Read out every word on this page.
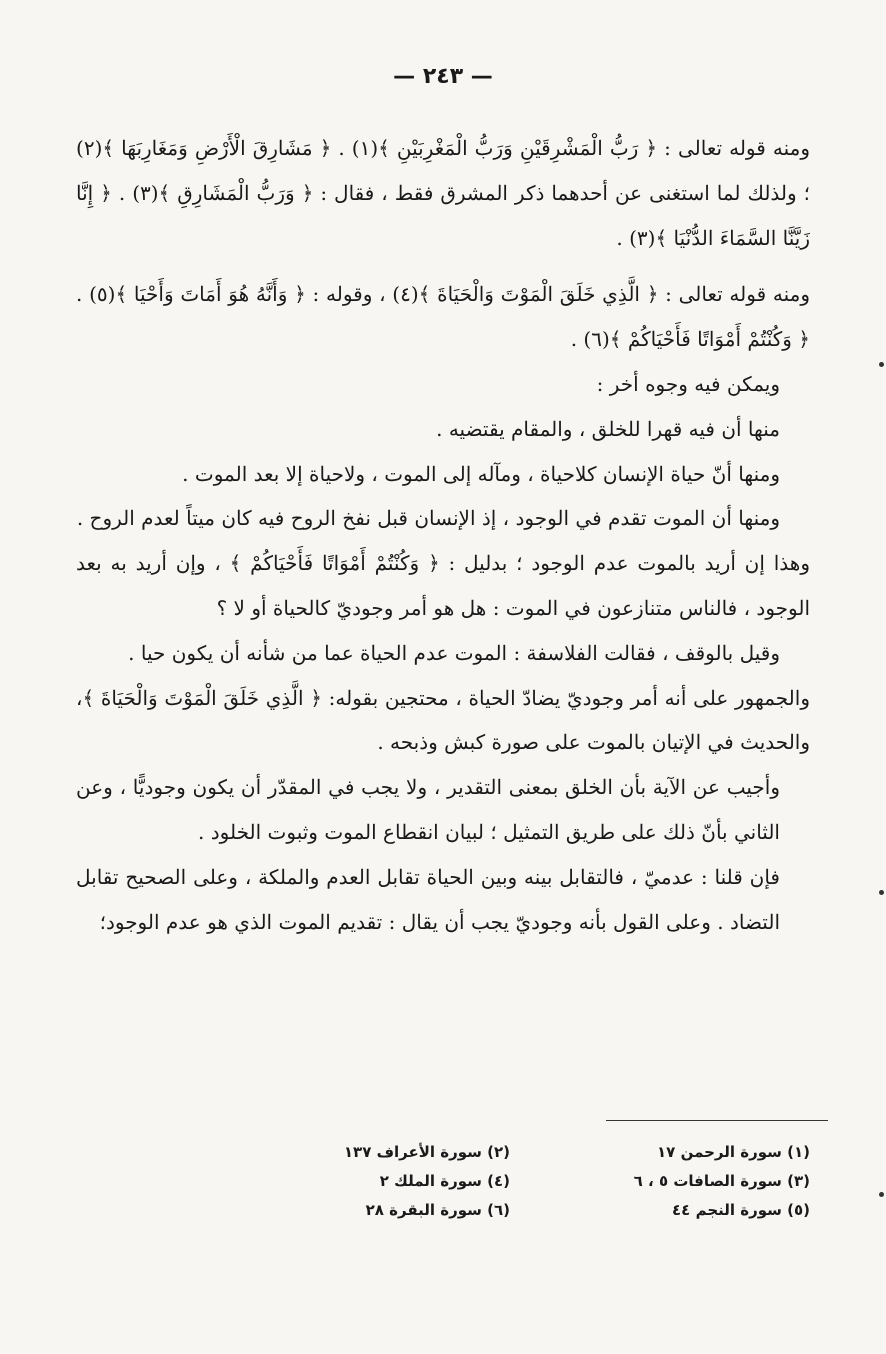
— ٢٤٣ —

ومنه قوله تعالى : ﴿ رَبُّ الْمَشْرِقَيْنِ وَرَبُّ الْمَغْرِبَيْنِ ﴾(١) . ﴿ مَشَارِقَ الْأَرْضِ وَمَغَارِبَهَا ﴾(٢) ؛ ولذلك لما استغنى عن أحدهما ذكر المشرق فقط ، فقال : ﴿ وَرَبُّ الْمَشَارِقِ ﴾(٣) . ﴿ إِنَّا زَيَّنَّا السَّمَاءَ الدُّنْيَا ﴾(٣) .

ومنه قوله تعالى : ﴿ الَّذِي خَلَقَ الْمَوْتَ وَالْحَيَاةَ ﴾(٤) ، وقوله : ﴿ وَأَنَّهُ هُوَ أَمَاتَ وَأَحْيَا ﴾(٥) . ﴿ وَكُنْتُمْ أَمْوَاتًا فَأَحْيَاكُمْ ﴾(٦) .

ويمكن فيه وجوه أخر :

منها أن فيه قهرا للخلق ، والمقام يقتضيه .

ومنها أنّ حياة الإنسان كلاحياة ، ومآله إلى الموت ، ولاحياة إلا بعد الموت .

ومنها أن الموت تقدم في الوجود ، إذ الإنسان قبل نفخ الروح فيه كان ميتاً لعدم الروح .

وهذا إن أريد بالموت عدم الوجود ؛ بدليل : ﴿ وَكُنْتُمْ أَمْوَاتًا فَأَحْيَاكُمْ ﴾ ، وإن أريد به بعد الوجود ، فالناس متنازعون في الموت : هل هو أمر وجوديّ كالحياة أو لا ؟

وقيل بالوقف ، فقالت الفلاسفة : الموت عدم الحياة عما من شأنه أن يكون حيا .

والجمهور على أنه أمر وجوديّ يضادّ الحياة ، محتجين بقوله: ﴿ الَّذِي خَلَقَ الْمَوْتَ وَالْحَيَاةَ ﴾، والحديث في الإتيان بالموت على صورة كبش وذبحه .

وأجيب عن الآية بأن الخلق بمعنى التقدير ، ولا يجب في المقدّر أن يكون وجوديًّا ، وعن الثاني بأنّ ذلك على طريق التمثيل ؛ لبيان انقطاع الموت وثبوت الخلود .

فإن قلنا : عدميّ ، فالتقابل بينه وبين الحياة تقابل العدم والملكة ، وعلى الصحيح تقابل التضاد . وعلى القول بأنه وجوديّ يجب أن يقال : تقديم الموت الذي هو عدم الوجود؛

(١) سورة الرحمن ١٧
(٣) سورة الصافات ٥ ، ٦
(٥) سورة النجم ٤٤
(٢) سورة الأعراف ١٣٧
(٤) سورة الملك ٢
(٦) سورة البقرة ٢٨
